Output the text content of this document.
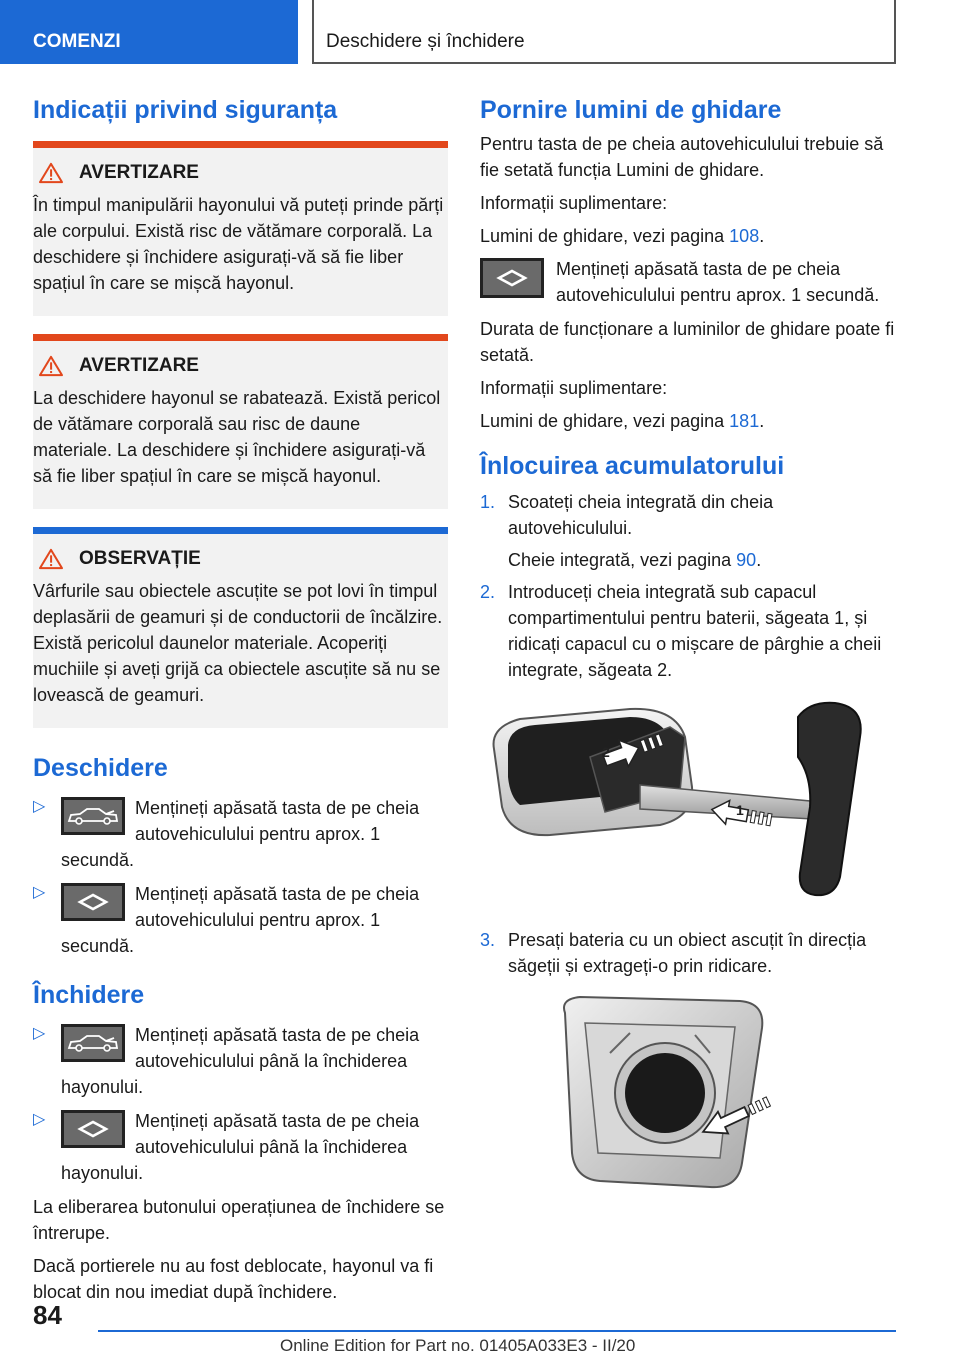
COMENZI	Deschidere și închidere
Indicații privind siguranța
AVERTIZARE

În timpul manipulării hayonului vă puteți prinde părți ale corpului. Există risc de vătămare corporală. La deschidere și închidere asigurați-vă să fie liber spațiul în care se mișcă hayonul.

AVERTIZARE

La deschidere hayonul se rabatează. Există pericol de vătămare corporală sau risc de daune materiale. La deschidere și închidere asigurați-vă să fie liber spațiul în care se mișcă hayonul.

OBSERVAȚIE

Vârfurile sau obiectele ascuțite se pot lovi în timpul deplasării de geamuri și de conductorii de încălzire. Există pericolul daunelor materiale. Acoperiți muchiile și aveți grijă ca obiectele ascuțite să nu se lovească de geamuri.

Deschidere
▷	Mențineți apăsată tasta de pe cheia autovehiculului pentru aprox. 1 secundă.
▷	Mențineți apăsată tasta de pe cheia autovehiculului pentru aprox. 1 secundă.
Închidere
▷	Mențineți apăsată tasta de pe cheia autovehiculului până la închiderea hayonului.
▷	Mențineți apăsată tasta de pe cheia autovehiculului până la închiderea hayonului.

La eliberarea butonului operațiunea de închidere se întrerupe.

Dacă portierele nu au fost deblocate, hayonul va fi blocat din nou imediat după închidere.

Pornire lumini de ghidare

Pentru tasta de pe cheia autovehiculului trebuie să fie setată funcția Lumini de ghidare.

Informații suplimentare:

Lumini de ghidare, vezi pagina 108.

Mențineți apăsată tasta de pe cheia autovehiculului pentru aprox. 1 secundă.

Durata de funcționare a luminilor de ghidare poate fi setată.

Informații suplimentare:

Lumini de ghidare, vezi pagina 181.

Înlocuirea acumulatorului
1. Scoateți cheia integrată din cheia autovehiculului.
Cheie integrată, vezi pagina 90.
2. Introduceți cheia integrată sub capacul compartimentului pentru baterii, săgeata 1, și ridicați capacul cu o mișcare de pârghie a cheii integrate, săgeata 2.
2
1
3. Presați bateria cu un obiect ascuțit în direcția săgeții și extrageți-o prin ridicare.
84
Online Edition for Part no. 01405A033E3 - II/20
